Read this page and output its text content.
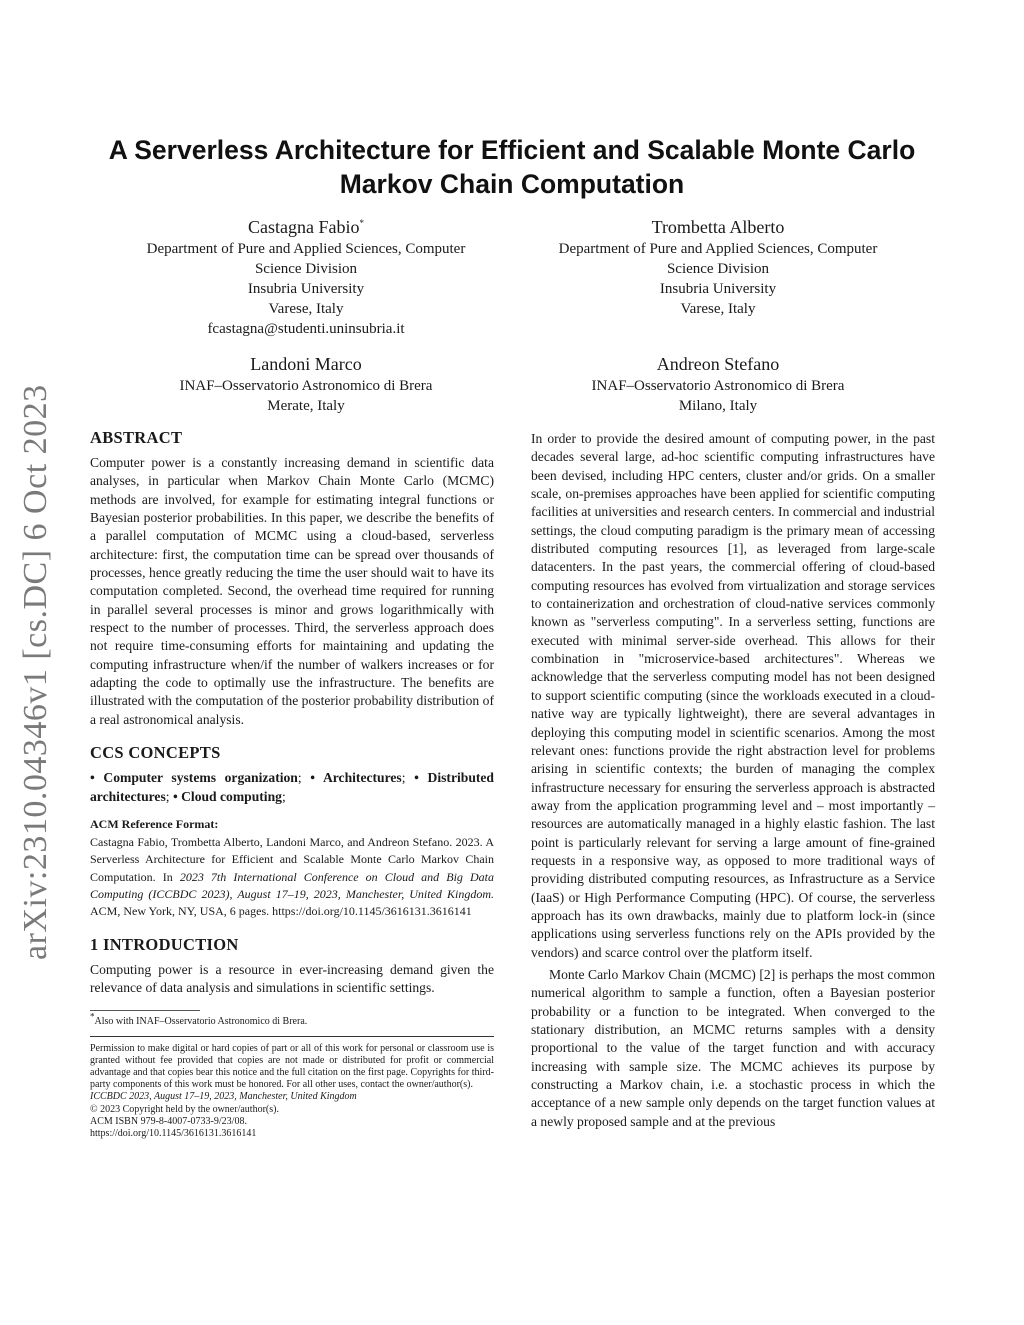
arXiv:2310.04346v1 [cs.DC] 6 Oct 2023
A Serverless Architecture for Efficient and Scalable Monte Carlo
Markov Chain Computation
Castagna Fabio*
Department of Pure and Applied Sciences, Computer
Science Division
Insubria University
Varese, Italy
fcastagna@studenti.uninsubria.it
Trombetta Alberto
Department of Pure and Applied Sciences, Computer
Science Division
Insubria University
Varese, Italy
Landoni Marco
INAF–Osservatorio Astronomico di Brera
Merate, Italy
Andreon Stefano
INAF–Osservatorio Astronomico di Brera
Milano, Italy
ABSTRACT

Computer power is a constantly increasing demand in scientific data analyses, in particular when Markov Chain Monte Carlo (MCMC) methods are involved, for example for estimating integral functions or Bayesian posterior probabilities. In this paper, we describe the benefits of a parallel computation of MCMC using a cloud-based, serverless architecture: first, the computation time can be spread over thousands of processes, hence greatly reducing the time the user should wait to have its computation completed. Second, the overhead time required for running in parallel several processes is minor and grows logarithmically with respect to the number of processes. Third, the serverless approach does not require time-consuming efforts for maintaining and updating the computing infrastructure when/if the number of walkers increases or for adapting the code to optimally use the infrastructure. The benefits are illustrated with the computation of the posterior probability distribution of a real astronomical analysis.

CCS CONCEPTS

• Computer systems organization; • Architectures; • Distributed architectures; • Cloud computing;

ACM Reference Format:

Castagna Fabio, Trombetta Alberto, Landoni Marco, and Andreon Stefano. 2023. A Serverless Architecture for Efficient and Scalable Monte Carlo Markov Chain Computation. In 2023 7th International Conference on Cloud and Big Data Computing (ICCBDC 2023), August 17–19, 2023, Manchester, United Kingdom. ACM, New York, NY, USA, 6 pages. https://doi.org/10.1145/3616131.3616141

1 INTRODUCTION

Computing power is a resource in ever-increasing demand given the relevance of data analysis and simulations in scientific settings.

*Also with INAF–Osservatorio Astronomico di Brera.

Permission to make digital or hard copies of part or all of this work for personal or classroom use is granted without fee provided that copies are not made or distributed for profit or commercial advantage and that copies bear this notice and the full citation on the first page. Copyrights for third-party components of this work must be honored. For all other uses, contact the owner/author(s).

ICCBDC 2023, August 17–19, 2023, Manchester, United Kingdom

© 2023 Copyright held by the owner/author(s).

ACM ISBN 979-8-4007-0733-9/23/08.

https://doi.org/10.1145/3616131.3616141

In order to provide the desired amount of computing power, in the past decades several large, ad-hoc scientific computing infrastructures have been devised, including HPC centers, cluster and/or grids. On a smaller scale, on-premises approaches have been applied for scientific computing facilities at universities and research centers. In commercial and industrial settings, the cloud computing paradigm is the primary mean of accessing distributed computing resources [1], as leveraged from large-scale datacenters. In the past years, the commercial offering of cloud-based computing resources has evolved from virtualization and storage services to containerization and orchestration of cloud-native services commonly known as "serverless computing". In a serverless setting, functions are executed with minimal server-side overhead. This allows for their combination in "microservice-based architectures". Whereas we acknowledge that the serverless computing model has not been designed to support scientific computing (since the workloads executed in a cloud-native way are typically lightweight), there are several advantages in deploying this computing model in scientific scenarios. Among the most relevant ones: functions provide the right abstraction level for problems arising in scientific contexts; the burden of managing the complex infrastructure necessary for ensuring the serverless approach is abstracted away from the application programming level and – most importantly – resources are automatically managed in a highly elastic fashion. The last point is particularly relevant for serving a large amount of fine-grained requests in a responsive way, as opposed to more traditional ways of providing distributed computing resources, as Infrastructure as a Service (IaaS) or High Performance Computing (HPC). Of course, the serverless approach has its own drawbacks, mainly due to platform lock-in (since applications using serverless functions rely on the APIs provided by the vendors) and scarce control over the platform itself.

Monte Carlo Markov Chain (MCMC) [2] is perhaps the most common numerical algorithm to sample a function, often a Bayesian posterior probability or a function to be integrated. When converged to the stationary distribution, an MCMC returns samples with a density proportional to the value of the target function and with accuracy increasing with sample size. The MCMC achieves its purpose by constructing a Markov chain, i.e. a stochastic process in which the acceptance of a new sample only depends on the target function values at a newly proposed sample and at the previous
